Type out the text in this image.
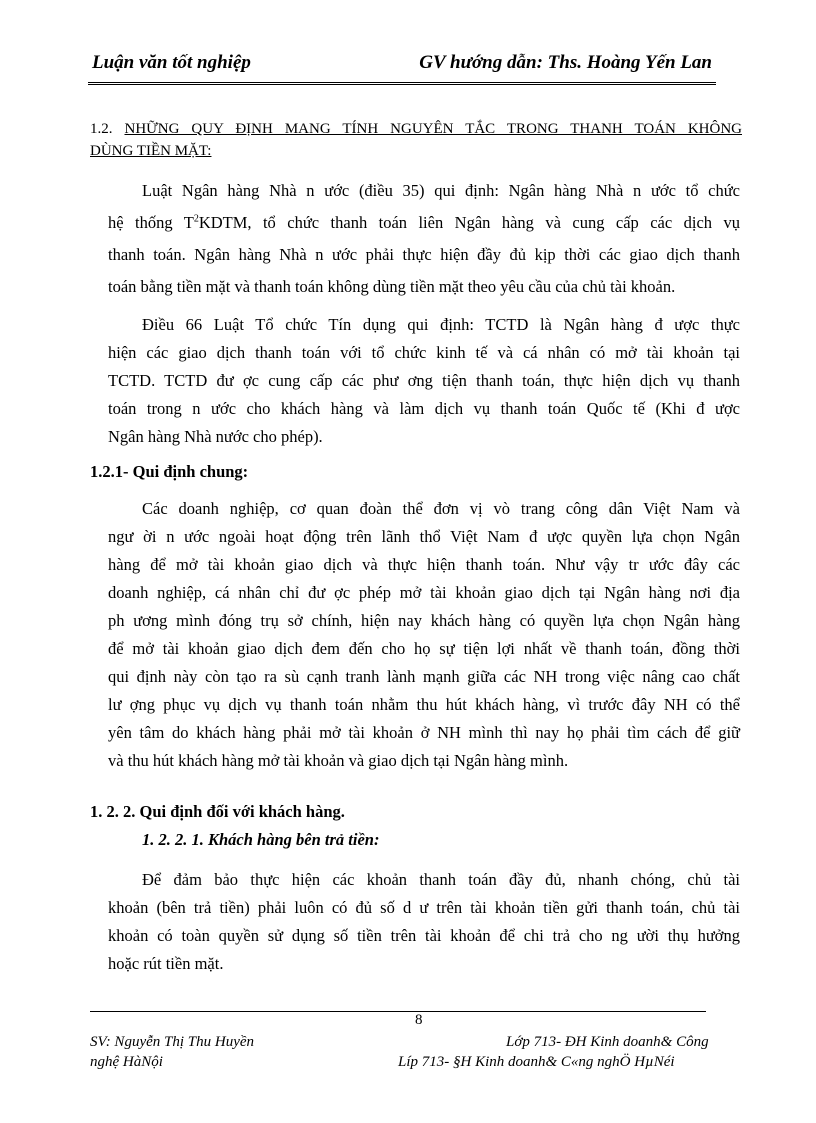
Luận văn tốt nghiệp	GV hướng dẫn: Ths. Hoàng Yến Lan
1.2. NHỮNG QUY ĐỊNH MANG TÍNH NGUYÊN TẮC TRONG THANH TOÁN KHÔNG
DÙNG TIỀN MẶT:
Luật Ngân hàng Nhà n ước (điều 35) qui định: Ngân hàng Nhà n ước tổ chức
hệ thống $T^2KDTM$, tổ chức thanh toán liên Ngân hàng và cung cấp các dịch vụ
thanh toán. Ngân hàng Nhà n ước phải thực hiện đầy đủ kịp thời các giao dịch thanh
toán bằng tiền mặt và thanh toán không dùng tiền mặt theo yêu cầu của chủ tài khoản.
Điều 66 Luật Tổ chức Tín dụng qui định: TCTD là Ngân hàng đ ược thực
hiện các giao dịch thanh toán với tổ chức kinh tế và cá nhân có mở tài khoản tại
TCTD. TCTD đư ợc cung cấp các phư ơng tiện thanh toán, thực hiện dịch vụ thanh
toán trong n ước cho khách hàng và làm dịch vụ thanh toán Quốc tế (Khi đ ược
Ngân hàng Nhà nước cho phép).
1.2.1- Qui định chung:
Các doanh nghiệp, cơ quan đoàn thể đơn vị vò trang công dân Việt Nam và
ngư ời n ước ngoài hoạt động trên lãnh thổ Việt Nam đ ược quyền lựa chọn Ngân
hàng để mở tài khoản giao dịch và thực hiện thanh toán. Như vậy tr ước đây các
doanh nghiệp, cá nhân chỉ đư ợc phép mở tài khoản giao dịch tại Ngân hàng nơi địa
ph ương mình đóng trụ sở chính, hiện nay khách hàng có quyền lựa chọn Ngân hàng
để mở tài khoản giao dịch đem đến cho họ sự tiện lợi nhất về thanh toán, đồng thời
qui định này còn tạo ra sù cạnh tranh lành mạnh giữa các NH trong việc nâng cao chất
lư ợng phục vụ dịch vụ thanh toán nhằm thu hút khách hàng, vì trước đây NH có thể
yên tâm do khách hàng phải mở tài khoản ở NH mình thì nay họ phải tìm cách để giữ
và thu hút khách hàng mở tài khoản và giao dịch tại Ngân hàng mình.
1. 2. 2. Qui định đối với khách hàng.
1. 2. 2. 1. Khách hàng bên trả tiền:
Để đảm bảo thực hiện các khoản thanh toán đầy đủ, nhanh chóng, chủ tài
khoản (bên trả tiền) phải luôn có đủ số d ư trên tài khoản tiền gửi thanh toán, chủ tài
khoản có toàn quyền sử dụng số tiền trên tài khoản để chi trả cho ng ười thụ hưởng
hoặc rút tiền mặt.
8
SV: Nguyễn Thị Thu Huyền
nghệ HàNội
Lớp 713- ĐH Kinh doanh& Công
Líp 713- §H Kinh doanh& C«ng nghÖ HµNéi
